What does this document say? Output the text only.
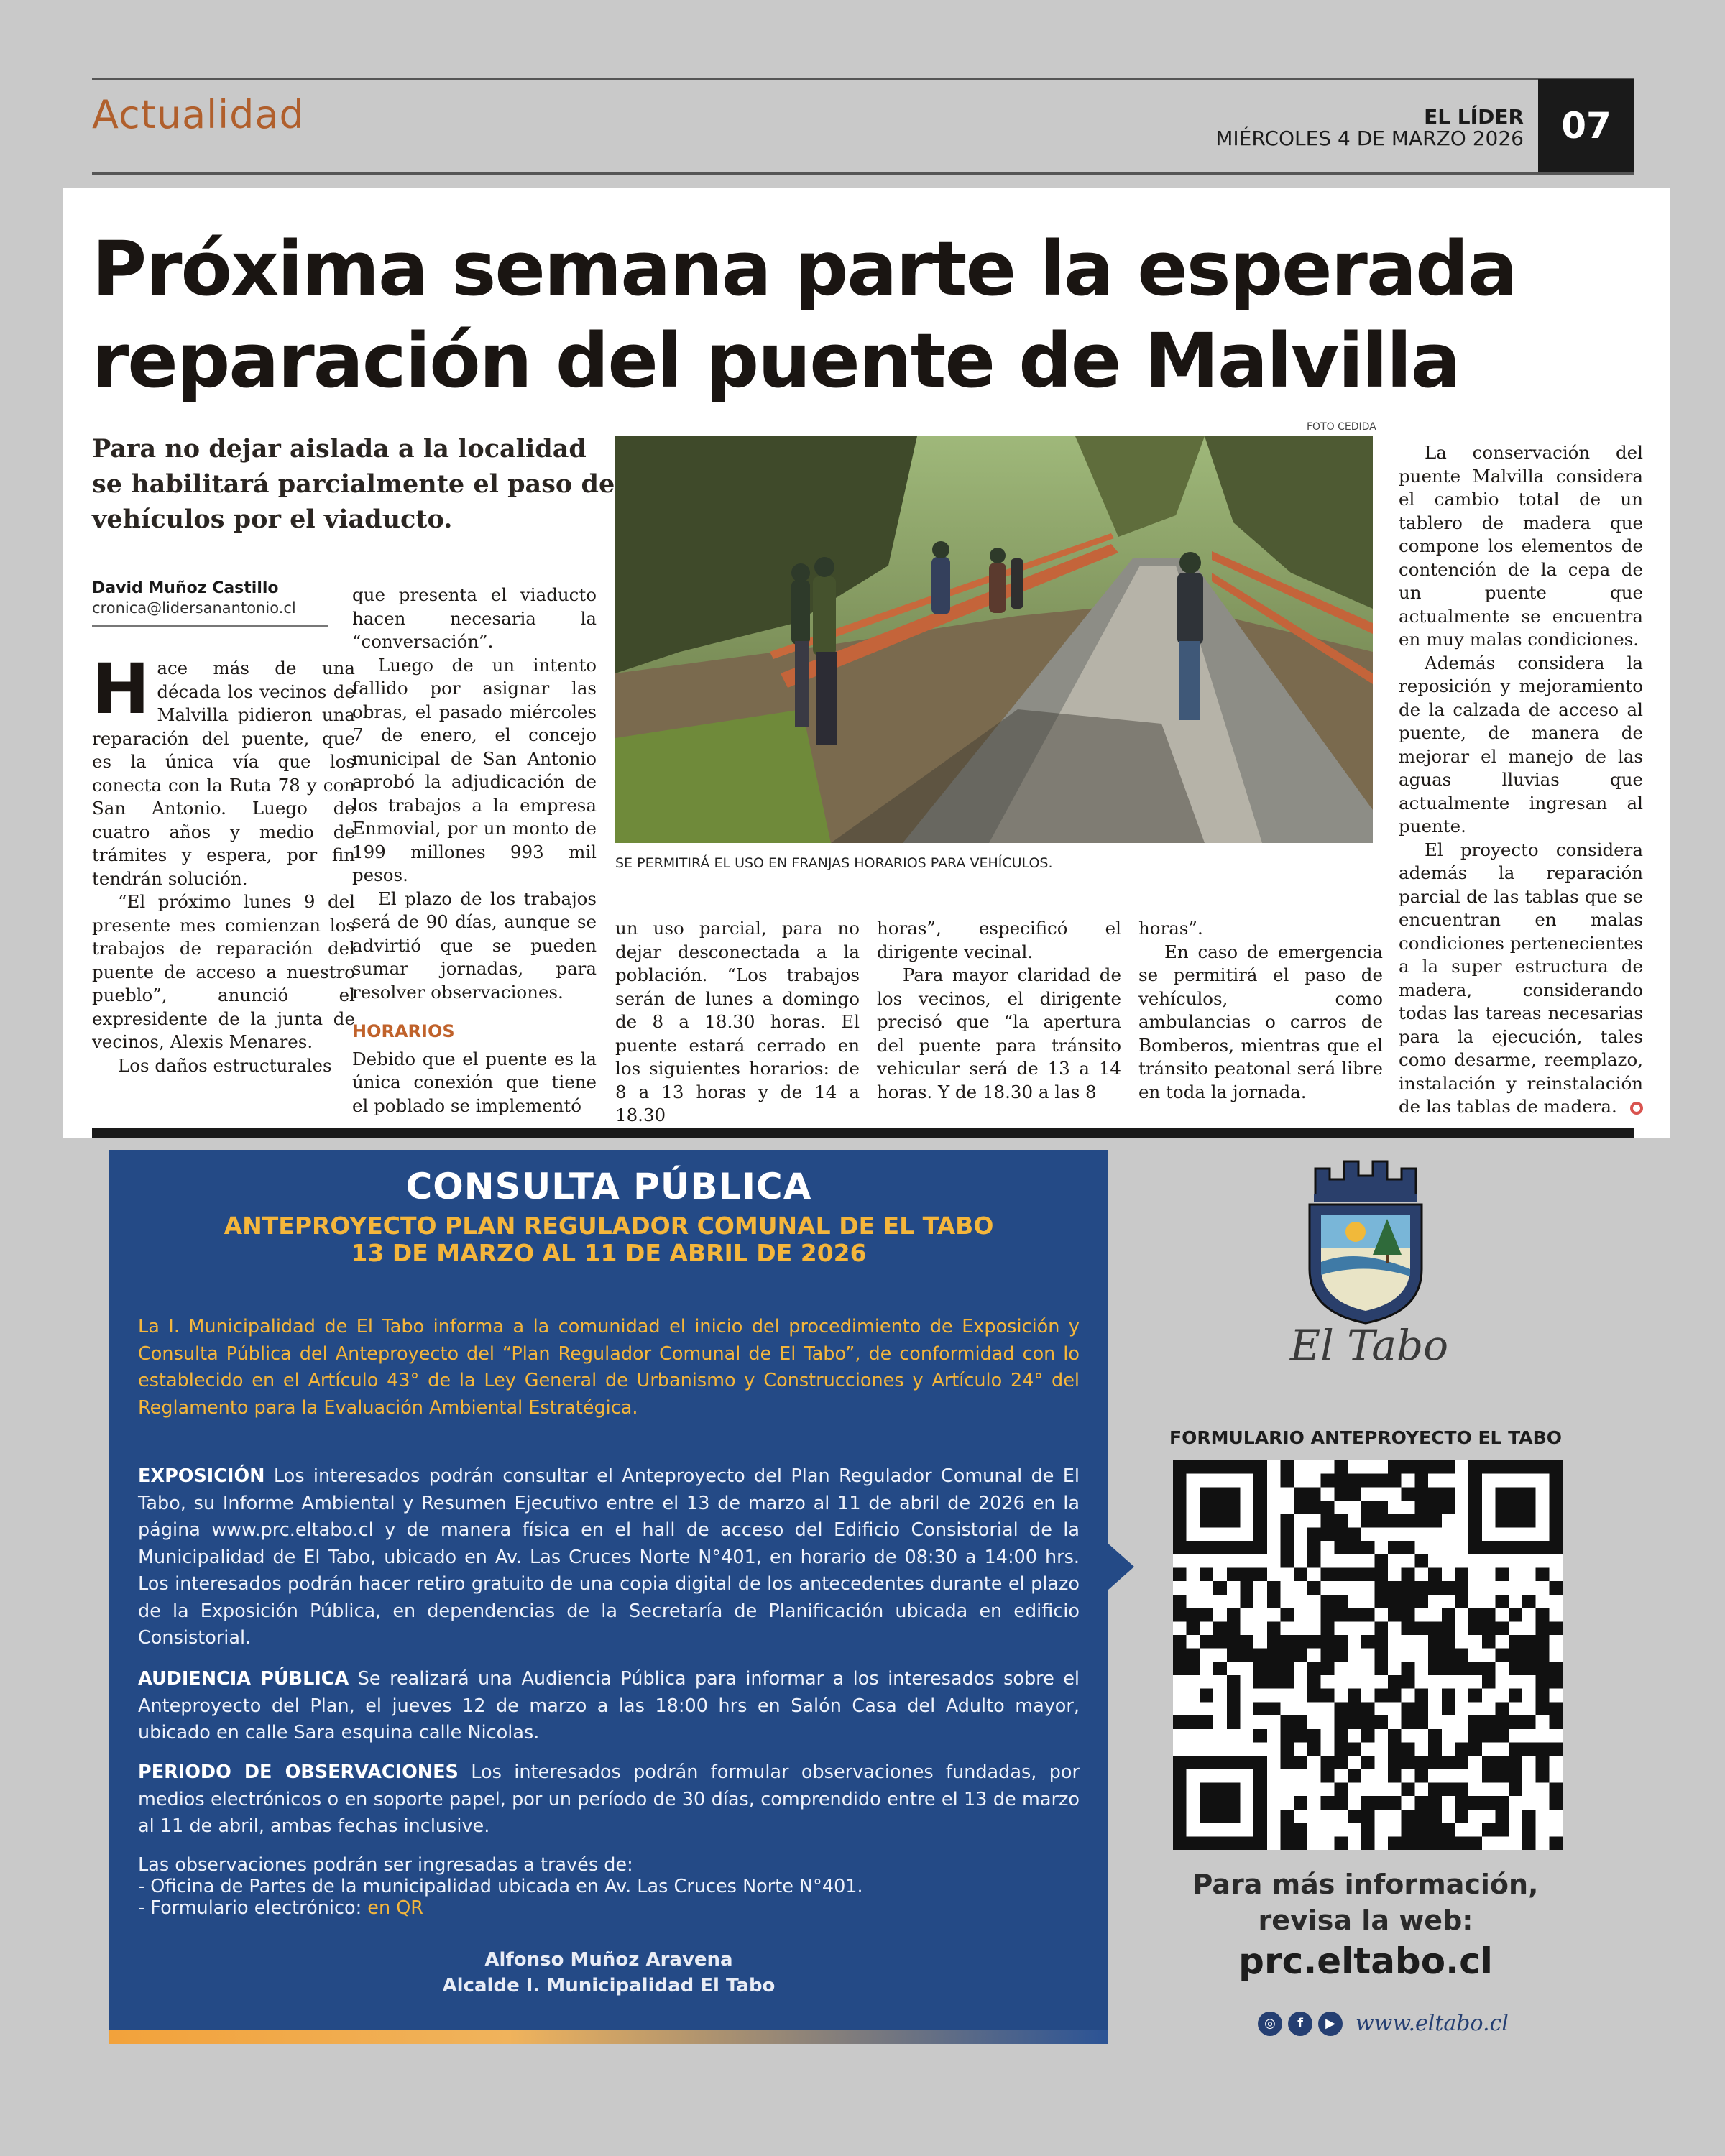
Actualidad	EL LÍDER
MIÉRCOLES 4 DE MARZO 2026	07
Próxima semana parte la esperada reparación del puente de Malvilla

Para no dejar aislada a la localidad se habilitará parcialmente el paso de vehículos por el viaducto.

David Muñoz Castillo
cronica@lidersanantonio.cl

Hace más de una década los vecinos de Malvilla pidieron una reparación del puente, que es la única vía que los conecta con la Ruta 78 y con San Antonio. Luego de cuatro años y medio de trámites y espera, por fin tendrán solución.

“El próximo lunes 9 del presente mes comienzan los trabajos de reparación del puente de acceso a nuestro pueblo”, anunció el expresidente de la junta de vecinos, Alexis Menares.

Los daños estructurales

que presenta el viaducto hacen necesaria la “conversación”.

Luego de un intento fallido por asignar las obras, el pasado miércoles 7 de enero, el concejo municipal de San Antonio aprobó la adjudicación de los trabajos a la empresa Enmovial, por un monto de 199 millones 993 mil pesos.

El plazo de los trabajos será de 90 días, aunque se advirtió que se pueden sumar jornadas, para resolver observaciones.

HORARIOS

Debido que el puente es la única conexión que tiene el poblado se implementó

FOTO CEDIDA
SE PERMITIRÁ EL USO EN FRANJAS HORARIOS PARA VEHÍCULOS.

un uso parcial, para no dejar desconectada a la población. “Los trabajos serán de lunes a domingo de 8 a 18.30 horas. El puente estará cerrado en los siguientes horarios: de 8 a 13 horas y de 14 a 18.30

horas”, especificó el dirigente vecinal.

Para mayor claridad de los vecinos, el dirigente precisó que “la apertura del puente para tránsito vehicular será de 13 a 14 horas. Y de 18.30 a las 8

horas”.

En caso de emergencia se permitirá el paso de vehículos, como ambulancias o carros de Bomberos, mientras que el tránsito peatonal será libre en toda la jornada.

La conservación del puente Malvilla considera el cambio total de un tablero de madera que compone los elementos de contención de la cepa de un puente que actualmente se encuentra en muy malas condiciones.

Además considera la reposición y mejoramiento de la calzada de acceso al puente, de manera de mejorar el manejo de las aguas lluvias que actualmente ingresan al puente.

El proyecto considera además la reparación parcial de las tablas que se encuentran en malas condiciones pertenecientes a la super estructura de madera, considerando todas las tareas necesarias para la ejecución, tales como desarme, reemplazo, instalación y reinstalación de las tablas de madera.

CONSULTA PÚBLICA
ANTEPROYECTO PLAN REGULADOR COMUNAL DE EL TABO
13 DE MARZO AL 11 DE ABRIL DE 2026

La I. Municipalidad de El Tabo informa a la comunidad el inicio del procedimiento de Exposición y Consulta Pública del Anteproyecto del “Plan Regulador Comunal de El Tabo”, de conformidad con lo establecido en el Artículo 43° de la Ley General de Urbanismo y Construcciones y Artículo 24° del Reglamento para la Evaluación Ambiental Estratégica.

EXPOSICIÓN Los interesados podrán consultar el Anteproyecto del Plan Regulador Comunal de El Tabo, su Informe Ambiental y Resumen Ejecutivo entre el 13 de marzo al 11 de abril de 2026 en la página www.prc.eltabo.cl y de manera física en el hall de acceso del Edificio Consistorial de la Municipalidad de El Tabo, ubicado en Av. Las Cruces Norte N°401, en horario de 08:30 a 14:00 hrs. Los interesados podrán hacer retiro gratuito de una copia digital de los antecedentes durante el plazo de la Exposición Pública, en dependencias de la Secretaría de Planificación ubicada en edificio Consistorial.

AUDIENCIA PÚBLICA Se realizará una Audiencia Pública para informar a los interesados sobre el Anteproyecto del Plan, el jueves 12 de marzo a las 18:00 hrs en Salón Casa del Adulto mayor, ubicado en calle Sara esquina calle Nicolas.

PERIODO DE OBSERVACIONES Los interesados podrán formular observaciones fundadas, por medios electrónicos o en soporte papel, por un período de 30 días, comprendido entre el 13 de marzo al 11 de abril, ambas fechas inclusive.

Las observaciones podrán ser ingresadas a través de:
- Oficina de Partes de la municipalidad ubicada en Av. Las Cruces Norte N°401.
- Formulario electrónico: en QR
Alfonso Muñoz Aravena
Alcalde I. Municipalidad El Tabo
El Tabo
FORMULARIO ANTEPROYECTO EL TABO
Para más información,
revisa la web:
prc.eltabo.cl
◎	f	▶ www.eltabo.cl
